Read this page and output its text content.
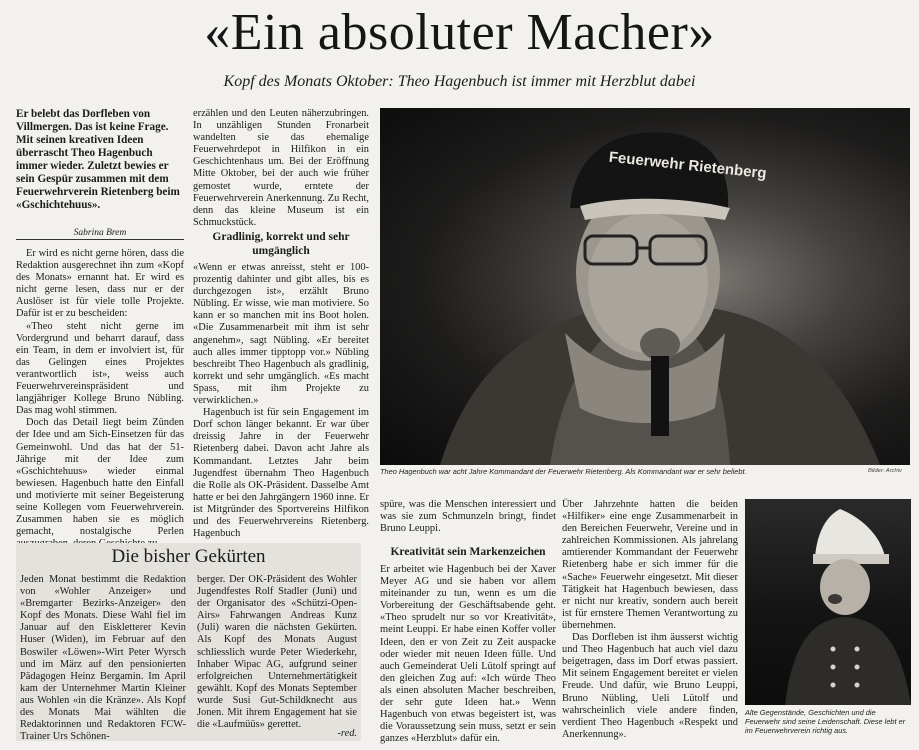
«Ein absoluter Macher»
Kopf des Monats Oktober: Theo Hagenbuch ist immer mit Herzblut dabei
Er belebt das Dorfleben von Villmergen. Das ist keine Frage. Mit seinen kreativen Ideen überrascht Theo Hagenbuch immer wieder. Zuletzt bewies er sein Gespür zusammen mit dem Feuerwehrverein Rietenberg beim «Gschichtehuus».
Sabrina Brem

Er wird es nicht gerne hören, dass die Redaktion ausgerechnet ihn zum «Kopf des Monats» ernannt hat. Er wird es nicht gerne lesen, dass nur er der Auslöser ist für viele tolle Projekte. Dafür ist er zu bescheiden:

«Theo steht nicht gerne im Vordergrund und beharrt darauf, dass ein Team, in dem er involviert ist, für das Gelingen eines Projektes verantwortlich ist», weiss auch Feuerwehrvereinspräsident und langjähriger Kollege Bruno Nübling. Das mag wohl stimmen.

Doch das Detail liegt beim Zünden der Idee und am Sich-Einsetzen für das Gemeinwohl. Und das hat der 51-Jährige mit der Idee zum «Gschichtehuus» wieder einmal bewiesen. Hagenbuch hatte den Einfall und motivierte mit seiner Begeisterung seine Kollegen vom Feuerwehrverein. Zusammen haben sie es möglich gemacht, nostalgische Perlen

erzählen und den Leuten näherzubringen. In unzähligen Stunden Fronarbeit wandelten sie das ehemalige Feuerwehrdepot in Hilfikon in ein Geschichtenhaus um. Bei der Eröffnung Mitte Oktober, bei der auch wie früher gemostet wurde, erntete der Feuerwehrverein Anerkennung. Zu Recht, denn das kleine Museum ist ein Schmuckstück.

Gradlinig, korrekt und sehr umgänglich

«Wenn er etwas anreisst, steht er 100-prozentig dahinter und gibt alles, bis es durchgezogen ist», erzählt Bruno Nübling. Er wisse, wie man motiviere. So kann er so manchen mit ins Boot holen. «Die Zusammenarbeit mit ihm ist sehr angenehm», sagt Nübling. «Er bereitet auch alles immer tipptopp vor.» Nübling beschreibt Theo Hagenbuch als gradlinig, korrekt und sehr umgänglich. «Es macht Spass, mit ihm Projekte zu verwirklichen.»

Hagenbuch ist für sein Engagement im Dorf schon länger bekannt. Er war über dreissig Jahre in der Feuerwehr Rietenberg dabei. Davon acht Jahre als Kommandant. Letztes Jahr beim Jugendfest übernahm Theo Hagenbuch die Rolle als OK-Präsident. Dasselbe Amt hatte er bei den Jahrgängern 1960 inne. Er ist Mitgründer des Sportvereins Hilfikon und des Feuerwehrvereins Rietenberg. Hagenbuch

Feuerwehr Rietenberg
Theo Hagenbuch war acht Jahre Kommandant der Feuerwehr Rietenberg. Als Kommandant war er sehr beliebt.	Bilder: Archiv

spüre, was die Menschen interessiert und was sie zum Schmunzeln bringt, findet Bruno Leuppi.

Kreativität sein Markenzeichen

Er arbeitet wie Hagenbuch bei der Xaver Meyer AG und sie haben vor allem miteinander zu tun, wenn es um die Vorbereitung der Geschäftsabende geht. «Theo sprudelt nur so vor Kreativität», meint Leuppi. Er habe einen Koffer voller Ideen, den er von Zeit zu Zeit auspacke oder wieder mit neuen Ideen fülle. Und auch Gemeinderat Ueli Lütolf springt auf den gleichen Zug auf: «Ich würde Theo als einen absoluten Macher beschreiben, der sehr gute Ideen hat.» Wenn Hagenbuch von etwas begeistert ist, was die Voraussetzung sein muss, setzt er sein ganzes «Herzblut» dafür ein.

Über Jahrzehnte hatten die beiden «Hilfiker» eine enge Zusammenarbeit in den Bereichen Feuerwehr, Vereine und in zahlreichen Kommissionen. Als jahrelang amtierender Kommandant der Feuerwehr Rietenberg habe er sich immer für die «Sache» Feuerwehr eingesetzt. Mit dieser Tätigkeit hat Hagenbuch bewiesen, dass er nicht nur kreativ, sondern auch bereit ist für ernstere Themen Verantwortung zu übernehmen.

Das Dorfleben ist ihm äusserst wichtig und Theo Hagenbuch hat auch viel dazu beigetragen, dass im Dorf etwas passiert. Mit seinem Engagement bereitet er vielen Freude. Und dafür, wie Bruno Leuppi, Bruno Nübling, Ueli Lütolf und wahrscheinlich viele andere finden, verdient Theo Hagenbuch «Respekt und Anerkennung».

Alte Gegenstände, Geschichten und die Feuerwehr sind seine Leidenschaft. Diese lebt er im Feuerwehrverein richtig aus.
Die bisher Gekürten

Jeden Monat bestimmt die Redaktion von «Wohler Anzeiger» und «Bremgarter Bezirks-Anzeiger» den Kopf des Monats. Diese Wahl fiel im Januar auf den Eiskletterer Kevin Huser (Widen), im Februar auf den Boswiler «Löwen»-Wirt Peter Wyrsch und im März auf den pensionierten Pädagogen Heinz Bergamin. Im April kam der Unternehmer Martin Kleiner aus Wohlen «in die Kränze». Als Kopf des Monats Mai wählten die Redaktorinnen und Redaktoren FCW-Trainer Urs Schönen-

berger. Der OK-Präsident des Wohler Jugendfestes Rolf Stadler (Juni) und der Organisator des «Schützi-Open-Airs» Fahrwangen Andreas Kunz (Juli) waren die nächsten Gekürten. Als Kopf des Monats August schliesslich wurde Peter Wiederkehr, Inhaber Wipac AG, aufgrund seiner erfolgreichen Unternehmertätigkeit gewählt. Kopf des Monats September wurde Susi Gut-Schildknecht aus Jonen. Mit ihrem Engagement hat sie die «Laufmüüs» gerettet.

-red.
